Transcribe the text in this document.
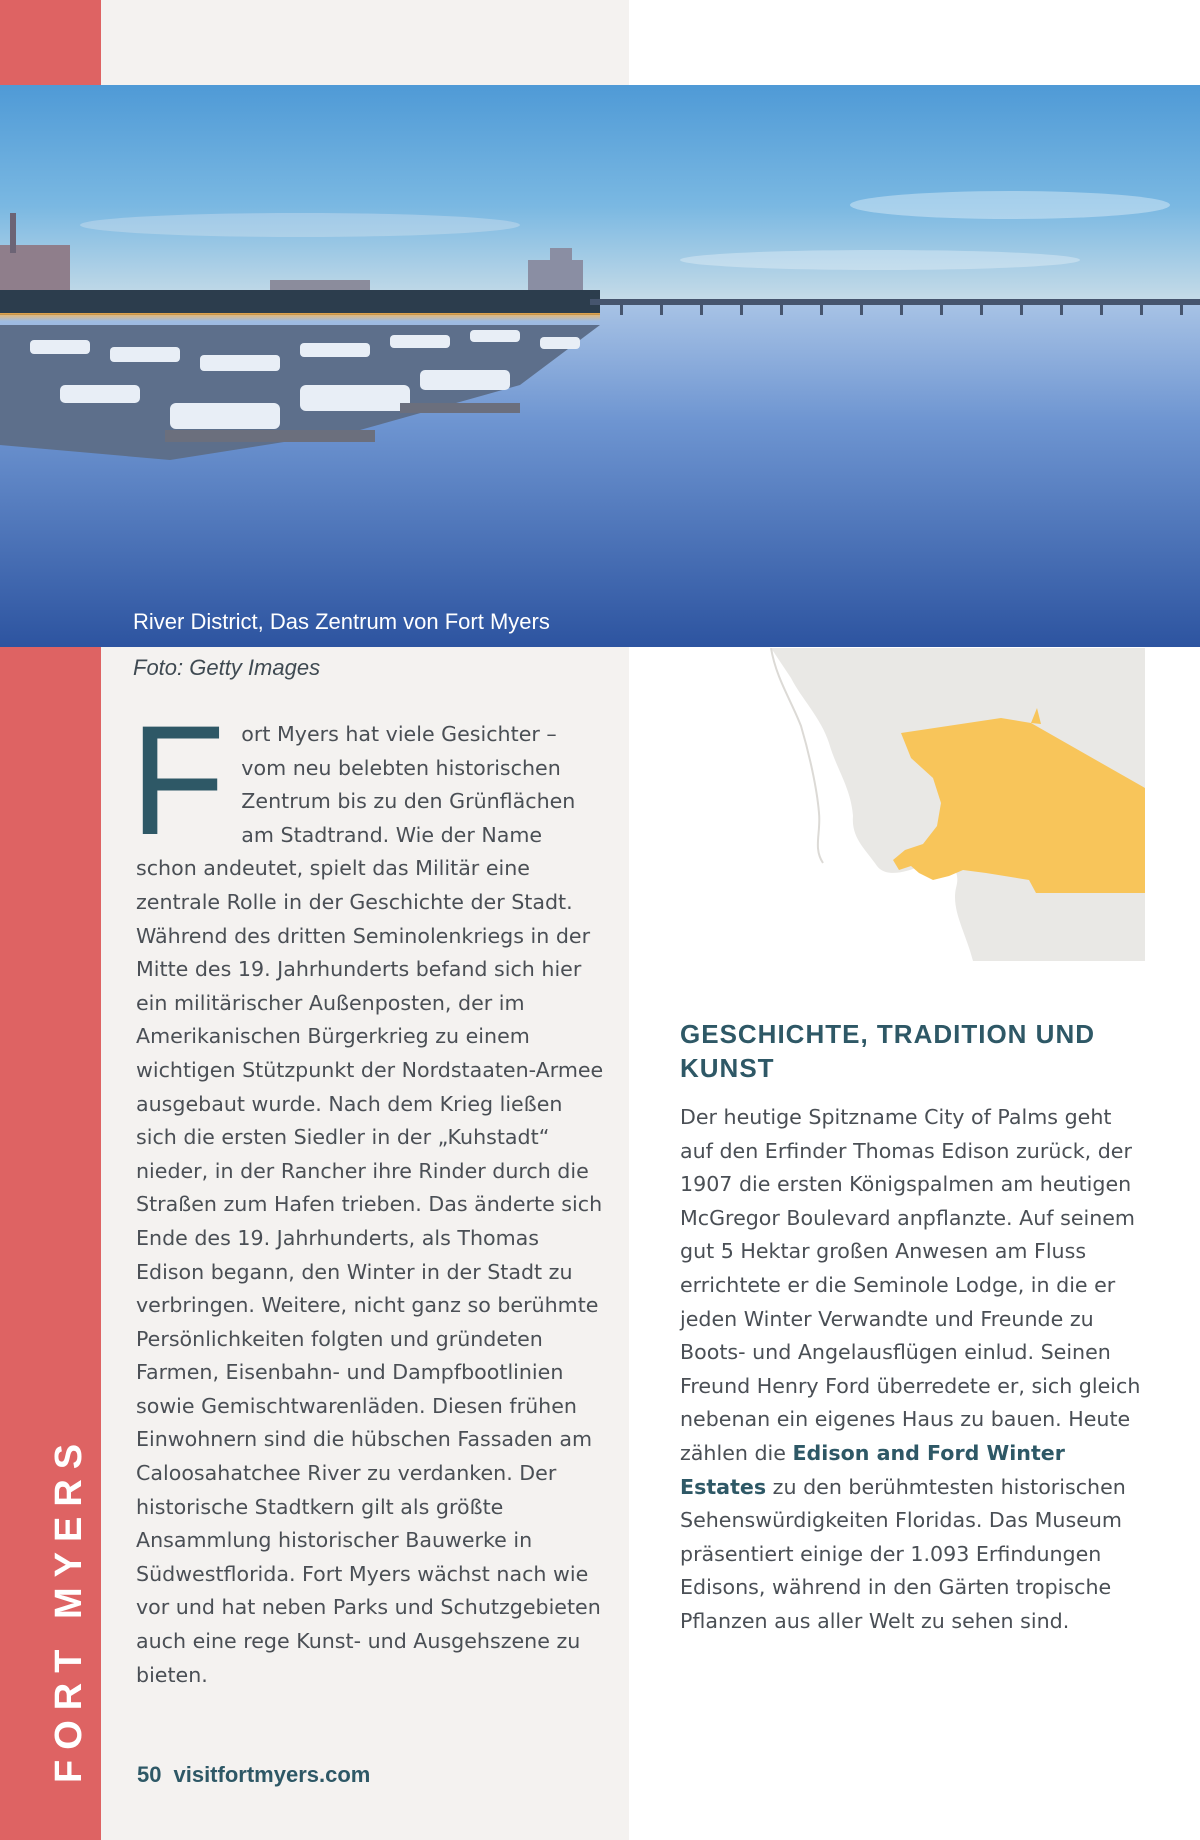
FORT MYERS
River District, Das Zentrum von Fort Myers
Foto: Getty Images

Fort Myers hat viele Gesichter – vom neu belebten historischen Zentrum bis zu den Grünflächen am Stadtrand. Wie der Name schon andeutet, spielt das Militär eine zentrale Rolle in der Geschichte der Stadt. Während des dritten Seminolenkriegs in der Mitte des 19. Jahrhunderts befand sich hier ein militärischer Außenposten, der im Amerikanischen Bürgerkrieg zu einem wichtigen Stützpunkt der Nordstaaten-Armee ausgebaut wurde. Nach dem Krieg ließen sich die ersten Siedler in der „Kuhstadt“ nieder, in der Rancher ihre Rinder durch die Straßen zum Hafen trieben. Das änderte sich Ende des 19. Jahrhunderts, als Thomas Edison begann, den Winter in der Stadt zu verbringen. Weitere, nicht ganz so berühmte Persönlichkeiten folgten und gründeten Farmen, Eisenbahn- und Dampfbootlinien sowie Gemischtwarenläden. Diesen frühen Einwohnern sind die hübschen Fassaden am Caloosahatchee River zu verdanken. Der historische Stadtkern gilt als größte Ansammlung historischer Bauwerke in Südwestflorida. Fort Myers wächst nach wie vor und hat neben Parks und Schutzgebieten auch eine rege Kunst- und Ausgehszene zu bieten.

GESCHICHTE, TRADITION UND KUNST

Der heutige Spitzname City of Palms geht auf den Erfinder Thomas Edison zurück, der 1907 die ersten Königspalmen am heutigen McGregor Boulevard anpflanzte. Auf seinem gut 5 Hektar großen Anwesen am Fluss errichtete er die Seminole Lodge, in die er jeden Winter Verwandte und Freunde zu Boots- und Angelausflügen einlud. Seinen Freund Henry Ford überredete er, sich gleich nebenan ein eigenes Haus zu bauen. Heute zählen die Edison and Ford Winter Estates zu den berühmtesten historischen Sehenswürdigkeiten Floridas. Das Museum präsentiert einige der 1.093 Erfindungen Edisons, während in den Gärten tropische Pflanzen aus aller Welt zu sehen sind.

50 visitfortmyers.com
